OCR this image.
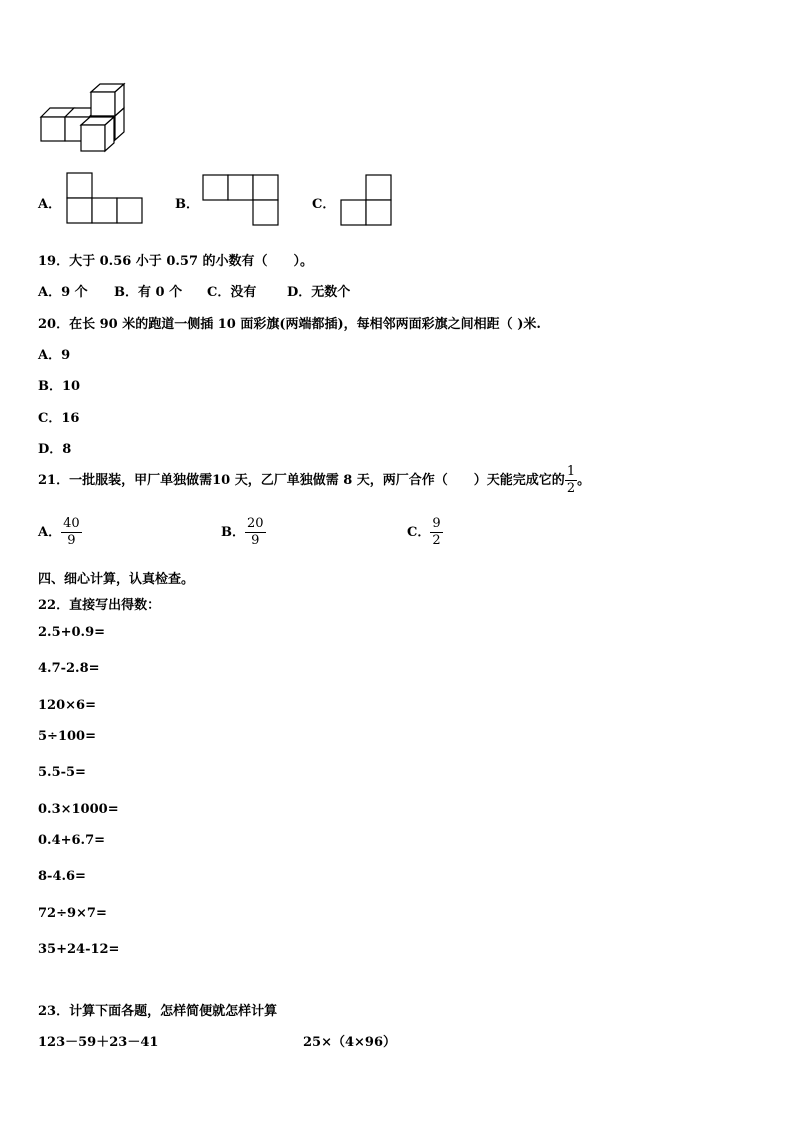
A．	B．	C．
19．大于 0.56 小于 0.57 的小数有（　　）。
A．9 个 B．有 0 个 C．没有 D．无数个
20．在长 90 米的跑道一侧插 10 面彩旗(两端都插)，每相邻两面彩旗之间相距（ )米.
A．9
B．10
C．16
D．8
21．一批服装，甲厂单独做需10 天，乙厂单独做需 8 天，两厂合作（　　）天能完成它的 $\frac{1}{2}$ 。
A． $\frac{40}{9}$	B． $\frac{20}{9}$	C． $\frac{9}{2}$
四、细心计算，认真检查。
22．直接写出得数：
2.5+0.9=
4.7-2.8=
120×6=
5÷100=
5.5-5=
0.3×1000=
0.4+6.7=
8-4.6=
72÷9×7=
35+24-12=
23．计算下面各题，怎样简便就怎样计算
123－59＋23－41	25×（4×96）
